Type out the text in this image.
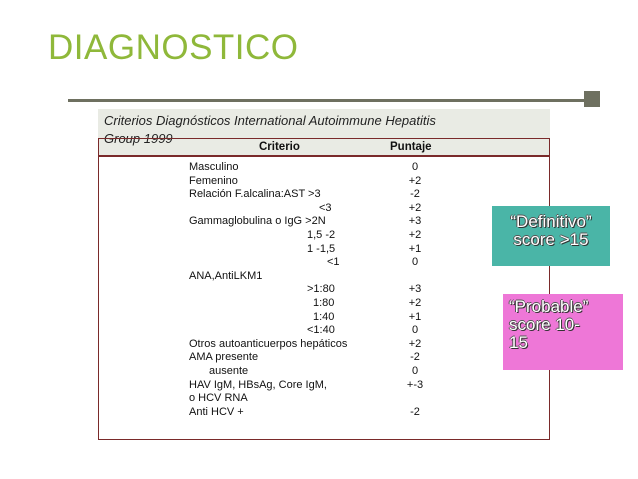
DIAGNOSTICO
Criterios Diagnósticos International Autoimmune Hepatitis
Group 1999
Criterio	Puntaje
Masculino	0
Femenino	+2
Relación F.alcalina:AST >3	-2
<3	+2
Gammaglobulina o IgG >2N	+3
1,5 -2	+2
1 -1,5	+1
<1	0
ANA,AntiLKM1
>1:80	+3
1:80	+2
1:40	+1
<1:40	0
Otros autoanticuerpos hepáticos	+2
AMA presente	-2
ausente	0
HAV IgM, HBsAg, Core IgM,	+-3
o HCV RNA
Anti HCV +	-2
“Definitivo”
score >15
“Probable”
score 10-
15
